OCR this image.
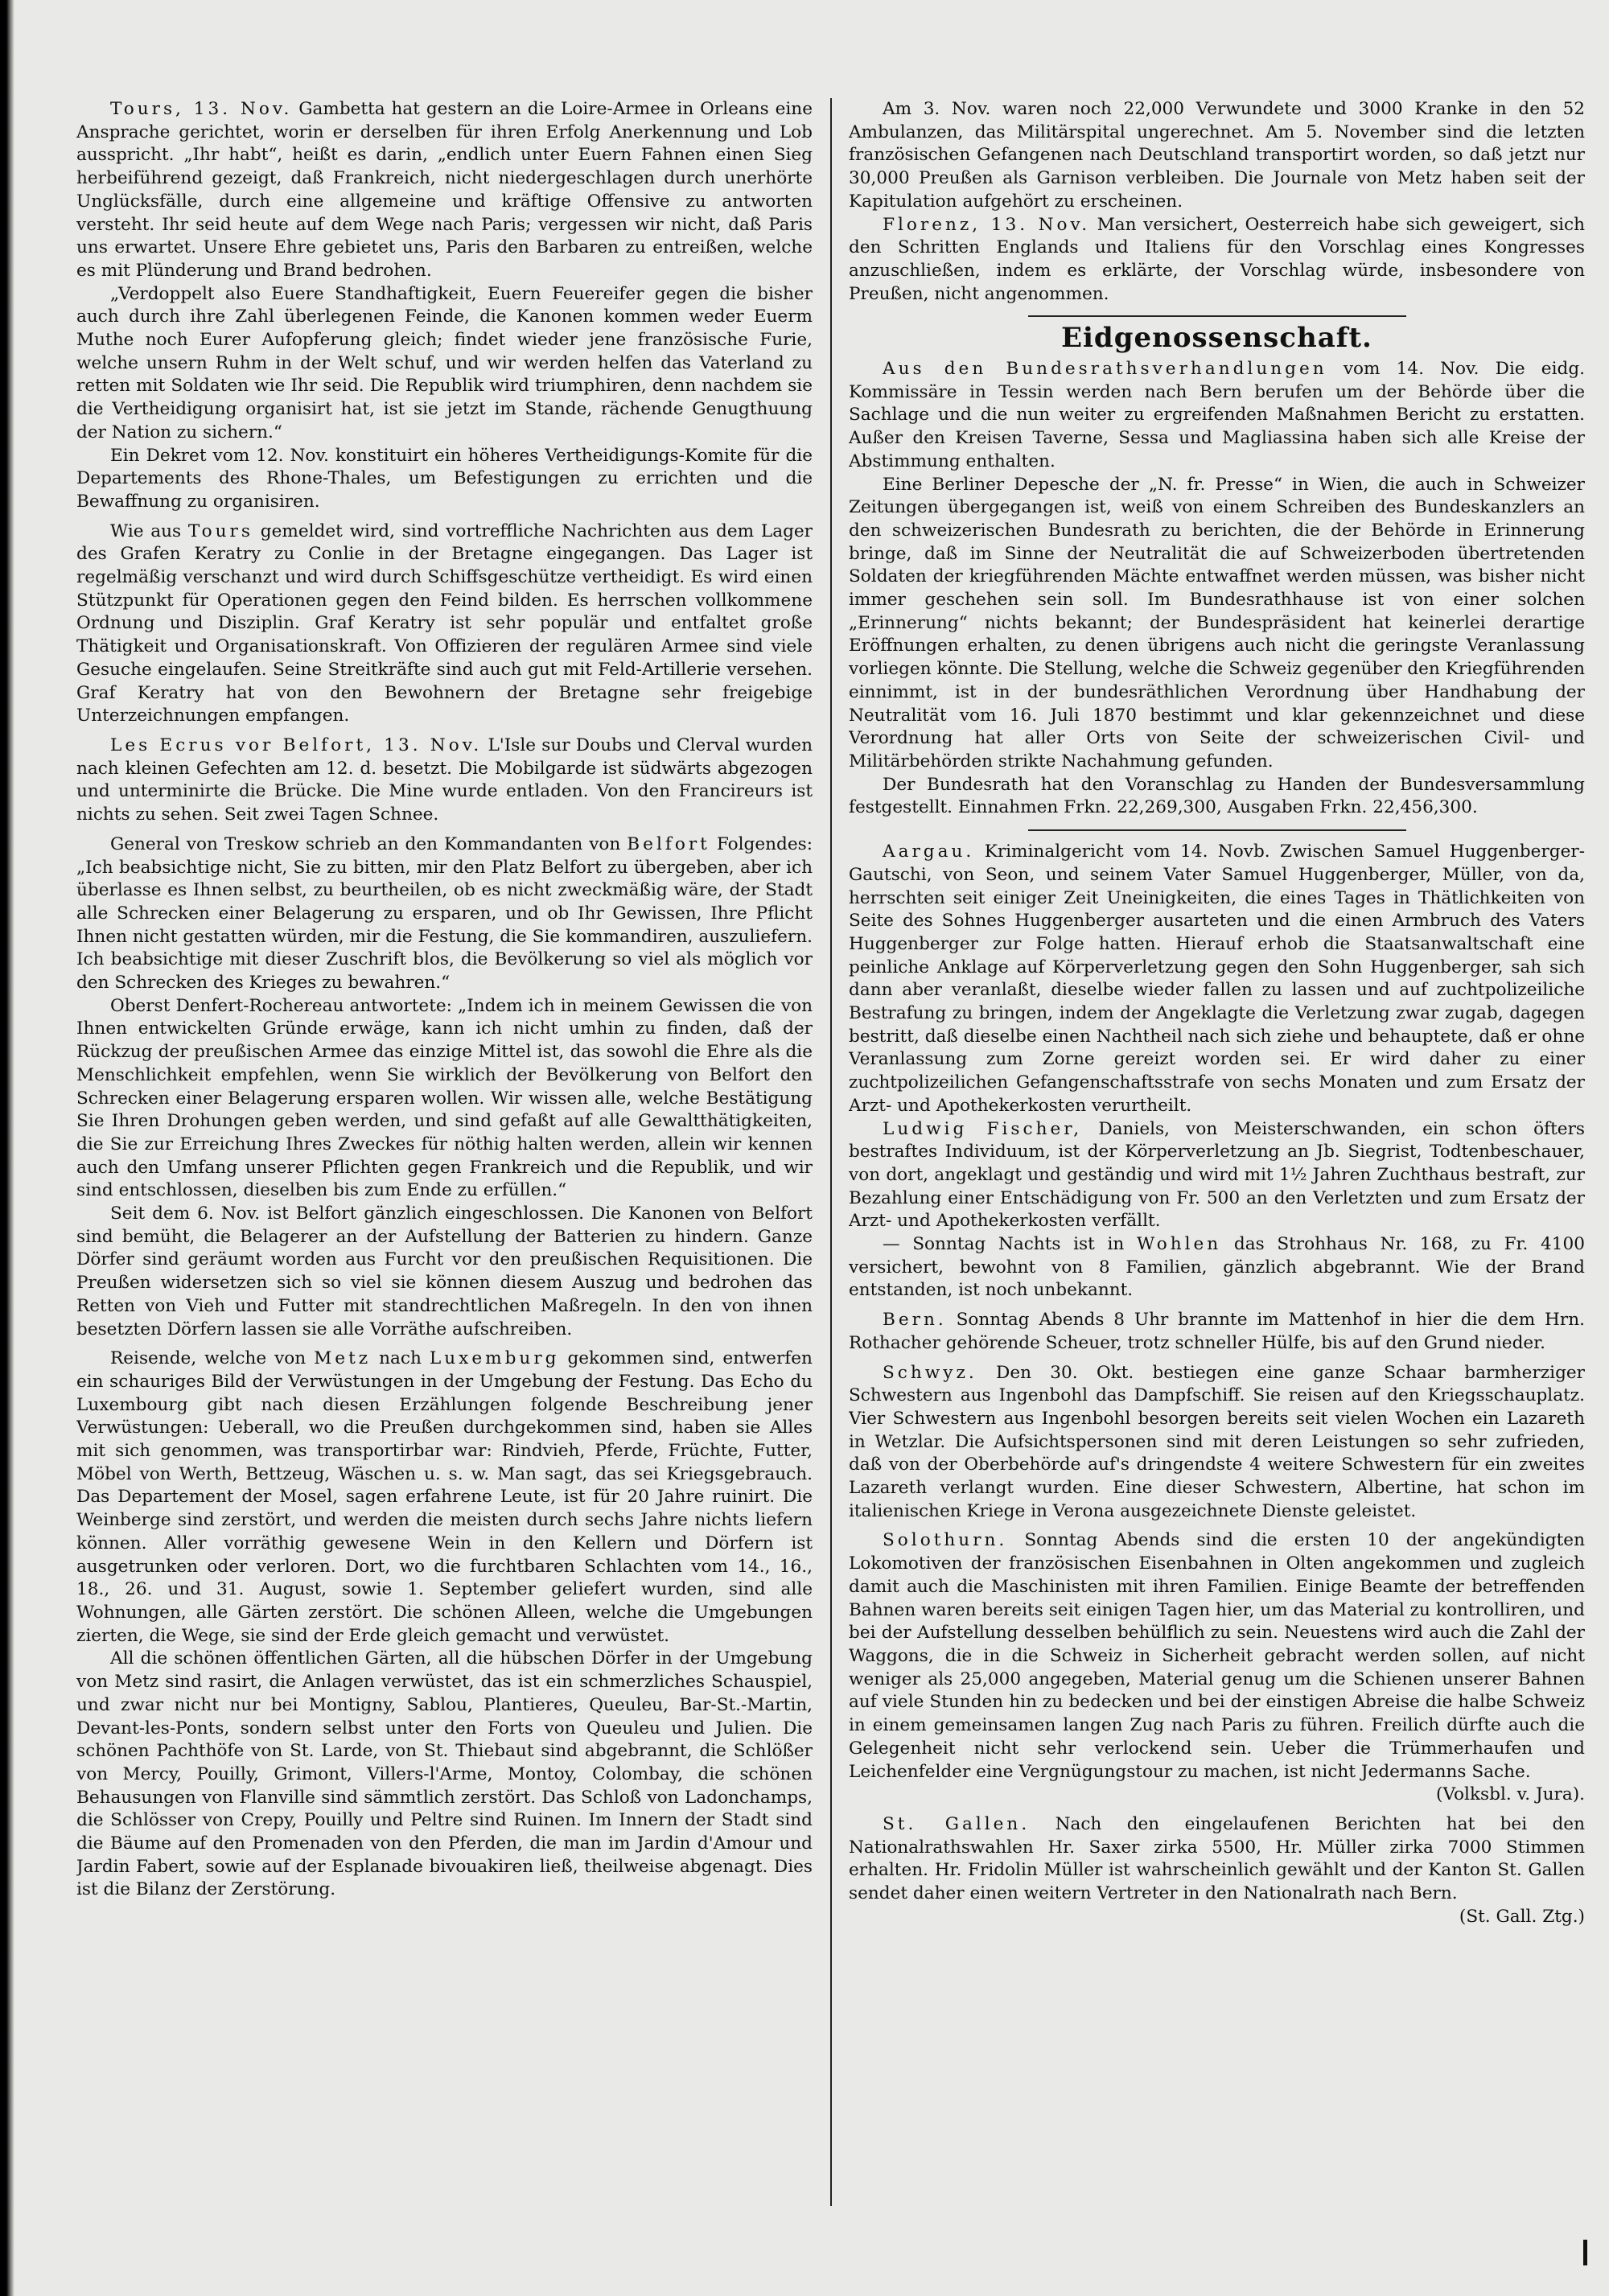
Tours, 13. Nov. Gambetta hat gestern an die Loire-Armee in Orleans eine Ansprache gerichtet, worin er derselben für ihren Erfolg Anerkennung und Lob ausspricht. „Ihr habt“, heißt es darin, „endlich unter Euern Fahnen einen Sieg herbeiführend gezeigt, daß Frankreich, nicht niedergeschlagen durch unerhörte Unglücksfälle, durch eine allgemeine und kräftige Offensive zu antworten versteht. Ihr seid heute auf dem Wege nach Paris; vergessen wir nicht, daß Paris uns erwartet. Unsere Ehre gebietet uns, Paris den Barbaren zu entreißen, welche es mit Plünderung und Brand bedrohen.

„Verdoppelt also Euere Standhaftigkeit, Euern Feuereifer gegen die bisher auch durch ihre Zahl überlegenen Feinde, die Kanonen kommen weder Euerm Muthe noch Eurer Aufopferung gleich; findet wieder jene französische Furie, welche unsern Ruhm in der Welt schuf, und wir werden helfen das Vaterland zu retten mit Soldaten wie Ihr seid. Die Republik wird triumphiren, denn nachdem sie die Vertheidigung organisirt hat, ist sie jetzt im Stande, rächende Genugthuung der Nation zu sichern.“

Ein Dekret vom 12. Nov. konstituirt ein höheres Vertheidigungs-Komite für die Departements des Rhone-Thales, um Befestigungen zu errichten und die Bewaffnung zu organisiren.

Wie aus Tours gemeldet wird, sind vortreffliche Nachrichten aus dem Lager des Grafen Keratry zu Conlie in der Bretagne eingegangen. Das Lager ist regelmäßig verschanzt und wird durch Schiffsgeschütze vertheidigt. Es wird einen Stützpunkt für Operationen gegen den Feind bilden. Es herrschen vollkommene Ordnung und Disziplin. Graf Keratry ist sehr populär und entfaltet große Thätigkeit und Organisationskraft. Von Offizieren der regulären Armee sind viele Gesuche eingelaufen. Seine Streitkräfte sind auch gut mit Feld-Artillerie versehen. Graf Keratry hat von den Bewohnern der Bretagne sehr freigebige Unterzeichnungen empfangen.

Les Ecrus vor Belfort, 13. Nov. L'Isle sur Doubs und Clerval wurden nach kleinen Gefechten am 12. d. besetzt. Die Mobilgarde ist südwärts abgezogen und unterminirte die Brücke. Die Mine wurde entladen. Von den Francireurs ist nichts zu sehen. Seit zwei Tagen Schnee.

General von Treskow schrieb an den Kommandanten von Belfort Folgendes: „Ich beabsichtige nicht, Sie zu bitten, mir den Platz Belfort zu übergeben, aber ich überlasse es Ihnen selbst, zu beurtheilen, ob es nicht zweckmäßig wäre, der Stadt alle Schrecken einer Belagerung zu ersparen, und ob Ihr Gewissen, Ihre Pflicht Ihnen nicht gestatten würden, mir die Festung, die Sie kommandiren, auszuliefern. Ich beabsichtige mit dieser Zuschrift blos, die Bevölkerung so viel als möglich vor den Schrecken des Krieges zu bewahren.“

Oberst Denfert-Rochereau antwortete: „Indem ich in meinem Gewissen die von Ihnen entwickelten Gründe erwäge, kann ich nicht umhin zu finden, daß der Rückzug der preußischen Armee das einzige Mittel ist, das sowohl die Ehre als die Menschlichkeit empfehlen, wenn Sie wirklich der Bevölkerung von Belfort den Schrecken einer Belagerung ersparen wollen. Wir wissen alle, welche Bestätigung Sie Ihren Drohungen geben werden, und sind gefaßt auf alle Gewaltthätigkeiten, die Sie zur Erreichung Ihres Zweckes für nöthig halten werden, allein wir kennen auch den Umfang unserer Pflichten gegen Frankreich und die Republik, und wir sind entschlossen, dieselben bis zum Ende zu erfüllen.“

Seit dem 6. Nov. ist Belfort gänzlich eingeschlossen. Die Kanonen von Belfort sind bemüht, die Belagerer an der Aufstellung der Batterien zu hindern. Ganze Dörfer sind geräumt worden aus Furcht vor den preußischen Requisitionen. Die Preußen widersetzen sich so viel sie können diesem Auszug und bedrohen das Retten von Vieh und Futter mit standrechtlichen Maßregeln. In den von ihnen besetzten Dörfern lassen sie alle Vorräthe aufschreiben.

Reisende, welche von Metz nach Luxemburg gekommen sind, entwerfen ein schauriges Bild der Verwüstungen in der Umgebung der Festung. Das Echo du Luxembourg gibt nach diesen Erzählungen folgende Beschreibung jener Verwüstungen: Ueberall, wo die Preußen durchgekommen sind, haben sie Alles mit sich genommen, was transportirbar war: Rindvieh, Pferde, Früchte, Futter, Möbel von Werth, Bettzeug, Wäschen u. s. w. Man sagt, das sei Kriegsgebrauch. Das Departement der Mosel, sagen erfahrene Leute, ist für 20 Jahre ruinirt. Die Weinberge sind zerstört, und werden die meisten durch sechs Jahre nichts liefern können. Aller vorräthig gewesene Wein in den Kellern und Dörfern ist ausgetrunken oder verloren. Dort, wo die furchtbaren Schlachten vom 14., 16., 18., 26. und 31. August, sowie 1. September geliefert wurden, sind alle Wohnungen, alle Gärten zerstört. Die schönen Alleen, welche die Umgebungen zierten, die Wege, sie sind der Erde gleich gemacht und verwüstet.

All die schönen öffentlichen Gärten, all die hübschen Dörfer in der Umgebung von Metz sind rasirt, die Anlagen verwüstet, das ist ein schmerzliches Schauspiel, und zwar nicht nur bei Montigny, Sablou, Plantieres, Queuleu, Bar-St.-Martin, Devant-les-Ponts, sondern selbst unter den Forts von Queuleu und Julien. Die schönen Pachthöfe von St. Larde, von St. Thiebaut sind abgebrannt, die Schlößer von Mercy, Pouilly, Grimont, Villers-l'Arme, Montoy, Colombay, die schönen Behausungen von Flanville sind sämmtlich zerstört. Das Schloß von Ladonchamps, die Schlösser von Crepy, Pouilly und Peltre sind Ruinen. Im Innern der Stadt sind die Bäume auf den Promenaden von den Pferden, die man im Jardin d'Amour und Jardin Fabert, sowie auf der Esplanade bivouakiren ließ, theilweise abgenagt. Dies ist die Bilanz der Zerstörung.

Am 3. Nov. waren noch 22,000 Verwundete und 3000 Kranke in den 52 Ambulanzen, das Militärspital ungerechnet. Am 5. November sind die letzten französischen Gefangenen nach Deutschland transportirt worden, so daß jetzt nur 30,000 Preußen als Garnison verbleiben. Die Journale von Metz haben seit der Kapitulation aufgehört zu erscheinen.

Florenz, 13. Nov. Man versichert, Oesterreich habe sich geweigert, sich den Schritten Englands und Italiens für den Vorschlag eines Kongresses anzuschließen, indem es erklärte, der Vorschlag würde, insbesondere von Preußen, nicht angenommen.

Eidgenossenschaft.

Aus den Bundesrathsverhandlungen vom 14. Nov. Die eidg. Kommissäre in Tessin werden nach Bern berufen um der Behörde über die Sachlage und die nun weiter zu ergreifenden Maßnahmen Bericht zu erstatten. Außer den Kreisen Taverne, Sessa und Magliassina haben sich alle Kreise der Abstimmung enthalten.

Eine Berliner Depesche der „N. fr. Presse“ in Wien, die auch in Schweizer Zeitungen übergegangen ist, weiß von einem Schreiben des Bundeskanzlers an den schweizerischen Bundesrath zu berichten, die der Behörde in Erinnerung bringe, daß im Sinne der Neutralität die auf Schweizerboden übertretenden Soldaten der kriegführenden Mächte entwaffnet werden müssen, was bisher nicht immer geschehen sein soll. Im Bundesrathhause ist von einer solchen „Erinnerung“ nichts bekannt; der Bundespräsident hat keinerlei derartige Eröffnungen erhalten, zu denen übrigens auch nicht die geringste Veranlassung vorliegen könnte. Die Stellung, welche die Schweiz gegenüber den Kriegführenden einnimmt, ist in der bundesräthlichen Verordnung über Handhabung der Neutralität vom 16. Juli 1870 bestimmt und klar gekennzeichnet und diese Verordnung hat aller Orts von Seite der schweizerischen Civil- und Militärbehörden strikte Nachahmung gefunden.

Der Bundesrath hat den Voranschlag zu Handen der Bundesversammlung festgestellt. Einnahmen Frkn. 22,269,300, Ausgaben Frkn. 22,456,300.

Aargau. Kriminalgericht vom 14. Novb. Zwischen Samuel Huggenberger-Gautschi, von Seon, und seinem Vater Samuel Huggenberger, Müller, von da, herrschten seit einiger Zeit Uneinigkeiten, die eines Tages in Thätlichkeiten von Seite des Sohnes Huggenberger ausarteten und die einen Armbruch des Vaters Huggenberger zur Folge hatten. Hierauf erhob die Staatsanwaltschaft eine peinliche Anklage auf Körperverletzung gegen den Sohn Huggenberger, sah sich dann aber veranlaßt, dieselbe wieder fallen zu lassen und auf zuchtpolizeiliche Bestrafung zu bringen, indem der Angeklagte die Verletzung zwar zugab, dagegen bestritt, daß dieselbe einen Nachtheil nach sich ziehe und behauptete, daß er ohne Veranlassung zum Zorne gereizt worden sei. Er wird daher zu einer zuchtpolizeilichen Gefangenschaftsstrafe von sechs Monaten und zum Ersatz der Arzt- und Apothekerkosten verurtheilt.

Ludwig Fischer, Daniels, von Meisterschwanden, ein schon öfters bestraftes Individuum, ist der Körperverletzung an Jb. Siegrist, Todtenbeschauer, von dort, angeklagt und geständig und wird mit 1½ Jahren Zuchthaus bestraft, zur Bezahlung einer Entschädigung von Fr. 500 an den Verletzten und zum Ersatz der Arzt- und Apothekerkosten verfällt.

— Sonntag Nachts ist in Wohlen das Strohhaus Nr. 168, zu Fr. 4100 versichert, bewohnt von 8 Familien, gänzlich abgebrannt. Wie der Brand entstanden, ist noch unbekannt.

Bern. Sonntag Abends 8 Uhr brannte im Mattenhof in hier die dem Hrn. Rothacher gehörende Scheuer, trotz schneller Hülfe, bis auf den Grund nieder.

Schwyz. Den 30. Okt. bestiegen eine ganze Schaar barmherziger Schwestern aus Ingenbohl das Dampfschiff. Sie reisen auf den Kriegsschauplatz. Vier Schwestern aus Ingenbohl besorgen bereits seit vielen Wochen ein Lazareth in Wetzlar. Die Aufsichtspersonen sind mit deren Leistungen so sehr zufrieden, daß von der Oberbehörde auf's dringendste 4 weitere Schwestern für ein zweites Lazareth verlangt wurden. Eine dieser Schwestern, Albertine, hat schon im italienischen Kriege in Verona ausgezeichnete Dienste geleistet.

Solothurn. Sonntag Abends sind die ersten 10 der angekündigten Lokomotiven der französischen Eisenbahnen in Olten angekommen und zugleich damit auch die Maschinisten mit ihren Familien. Einige Beamte der betreffenden Bahnen waren bereits seit einigen Tagen hier, um das Material zu kontrolliren, und bei der Aufstellung desselben behülflich zu sein. Neuestens wird auch die Zahl der Waggons, die in die Schweiz in Sicherheit gebracht werden sollen, auf nicht weniger als 25,000 angegeben, Material genug um die Schienen unserer Bahnen auf viele Stunden hin zu bedecken und bei der einstigen Abreise die halbe Schweiz in einem gemeinsamen langen Zug nach Paris zu führen. Freilich dürfte auch die Gelegenheit nicht sehr verlockend sein. Ueber die Trümmerhaufen und Leichenfelder eine Vergnügungstour zu machen, ist nicht Jedermanns Sache.

(Volksbl. v. Jura).

St. Gallen. Nach den eingelaufenen Berichten hat bei den Nationalrathswahlen Hr. Saxer zirka 5500, Hr. Müller zirka 7000 Stimmen erhalten. Hr. Fridolin Müller ist wahrscheinlich gewählt und der Kanton St. Gallen sendet daher einen weitern Vertreter in den Nationalrath nach Bern.

(St. Gall. Ztg.)
